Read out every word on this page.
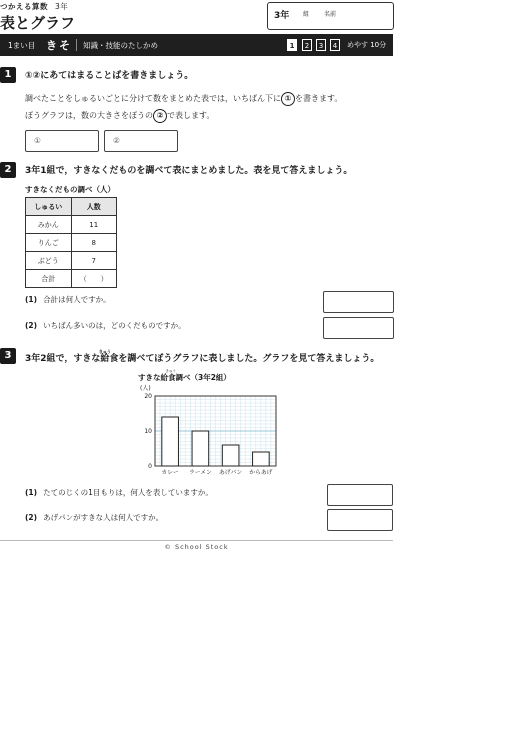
つかえる算数 3年
表とグラフ	3年 組 名前
1まい目 きそ 知識・技能のたしかめ	1	2	3	4	めやす 10分
1	①②にあてはまることばを書きましょう。
調べたことをしゅるいごとに分けて数をまとめた表では，いちばん下に ① を書きます。
ぼうグラフは，数の大きさをぼうの ② で表します。
①	②
2	3年1組で，すきなくだものを調べて表にまとめました。表を見て答えましょう。
すきなくだもの調べ（人）
しゅるい	人数
みかん	11
りんご	8
ぶどう	7
合計	（　　）
(1) 合計は何人ですか。
(2) いちばん多いのは，どのくだものですか。
3	3年2組で，すきな給きゅう食を調べてぼうグラフに表しました。グラフを見て答えましょう。
すきな給食調べ（3年2組）
きゅう
(人)
0
10
20
カレー ラーメン あげパン からあげ
(1) たてのじくの1目もりは，何人を表していますか。
(2) あげパンがすきな人は何人ですか。
© School Stock
